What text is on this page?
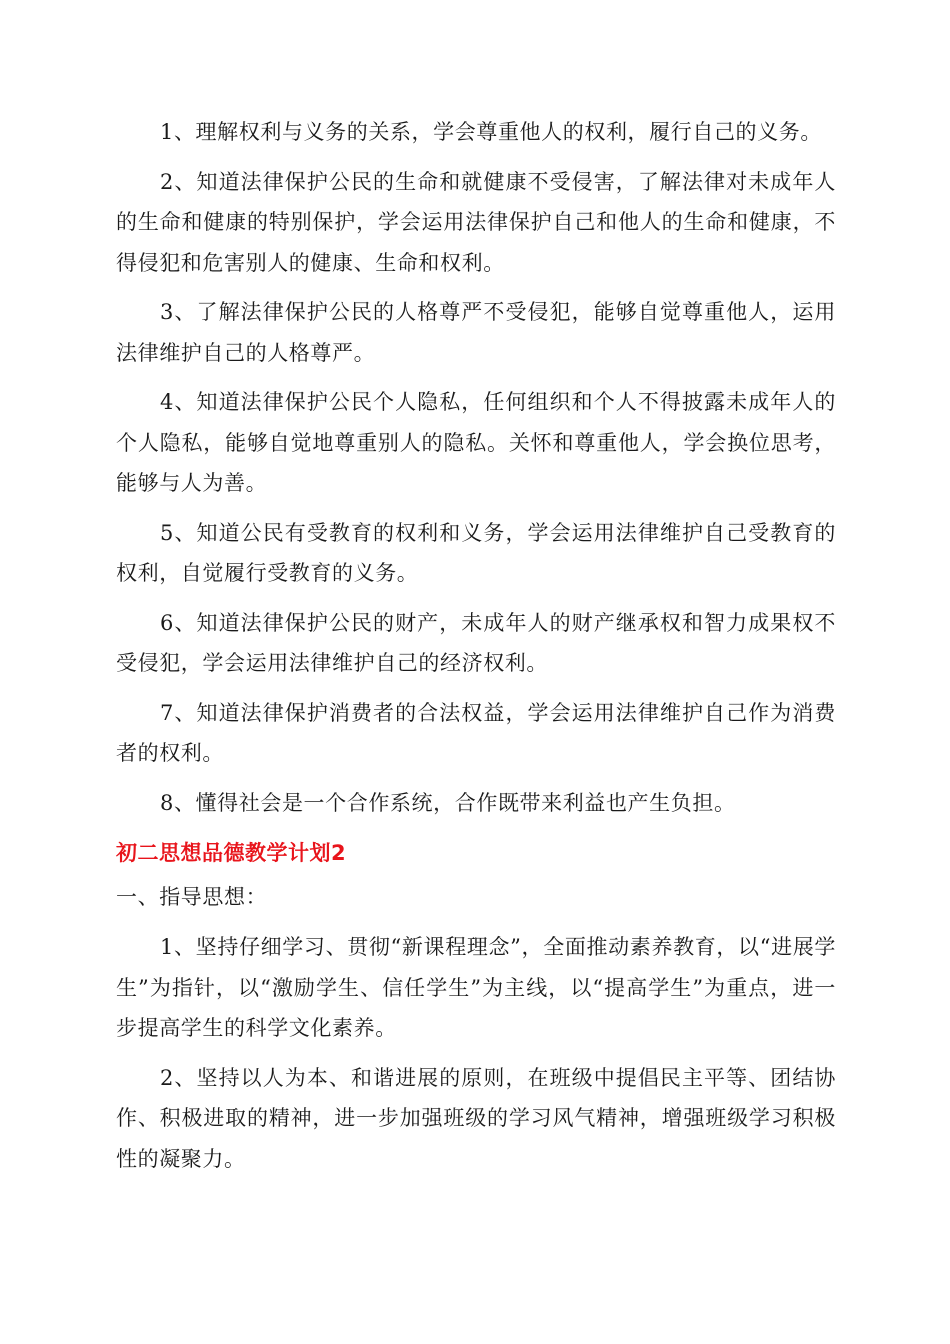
1、理解权利与义务的关系，学会尊重他人的权利，履行自己的义务。

2、知道法律保护公民的生命和就健康不受侵害，了解法律对未成年人的生命和健康的特别保护，学会运用法律保护自己和他人的生命和健康，不得侵犯和危害别人的健康、生命和权利。

3、了解法律保护公民的人格尊严不受侵犯，能够自觉尊重他人，运用法律维护自己的人格尊严。

4、知道法律保护公民个人隐私，任何组织和个人不得披露未成年人的个人隐私，能够自觉地尊重别人的隐私。关怀和尊重他人，学会换位思考，能够与人为善。

5、知道公民有受教育的权利和义务，学会运用法律维护自己受教育的权利，自觉履行受教育的义务。

6、知道法律保护公民的财产，未成年人的财产继承权和智力成果权不受侵犯，学会运用法律维护自己的经济权利。

7、知道法律保护消费者的合法权益，学会运用法律维护自己作为消费者的权利。

8、懂得社会是一个合作系统，合作既带来利益也产生负担。

初二思想品德教学计划2
一、指导思想：

1、坚持仔细学习、贯彻“新课程理念”，全面推动素养教育，以“进展学生”为指针，以“激励学生、信任学生”为主线，以“提高学生”为重点，进一步提高学生的科学文化素养。

2、坚持以人为本、和谐进展的原则，在班级中提倡民主平等、团结协作、积极进取的精神，进一步加强班级的学习风气精神，增强班级学习积极性的凝聚力。
